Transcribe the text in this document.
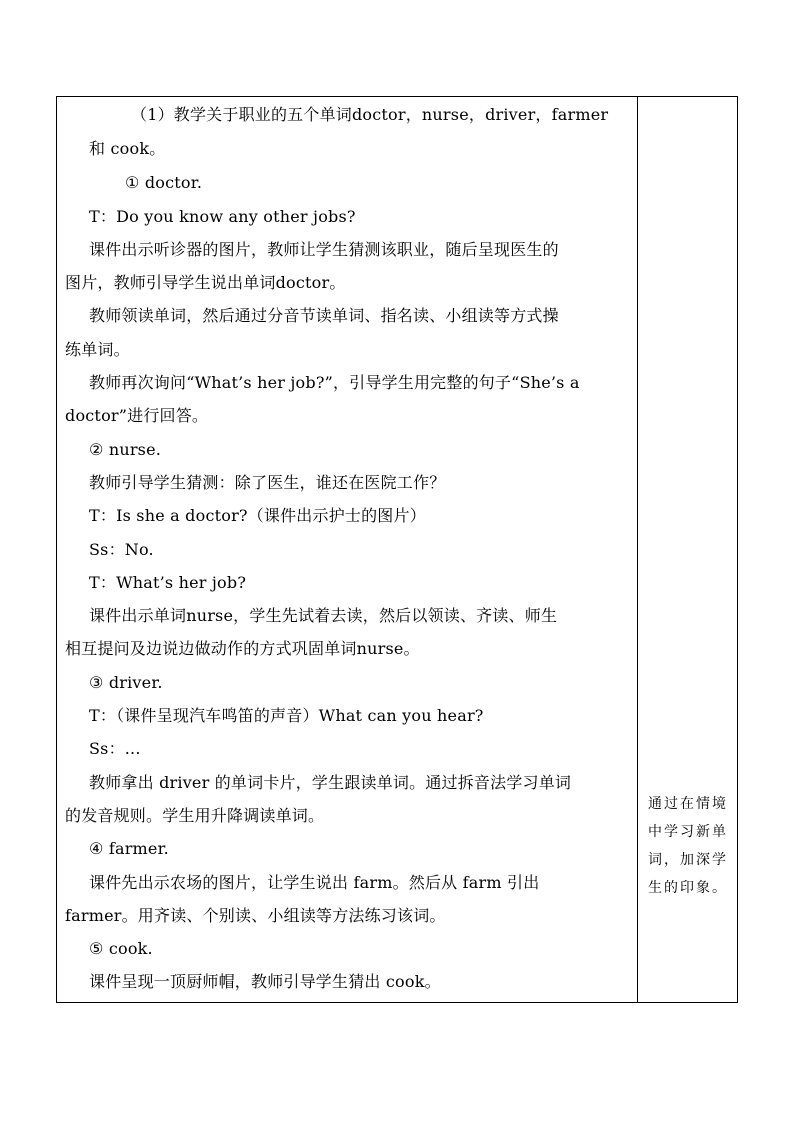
（1）教学关于职业的五个单词doctor，nurse，driver，farmer
和 cook。
① doctor.
T：Do you know any other jobs?
课件出示听诊器的图片，教师让学生猜测该职业，随后呈现医生的
图片，教师引导学生说出单词doctor。
教师领读单词，然后通过分音节读单词、指名读、小组读等方式操
练单词。
教师再次询问“What’s her job?”，引导学生用完整的句子“She’s a
doctor”进行回答。
② nurse.
教师引导学生猜测：除了医生，谁还在医院工作？
T：Is she a doctor?（课件出示护士的图片）
Ss：No.
T：What’s her job?
课件出示单词nurse，学生先试着去读，然后以领读、齐读、师生
相互提问及边说边做动作的方式巩固单词nurse。
③ driver.
T：（课件呈现汽车鸣笛的声音）What can you hear?
Ss：...
教师拿出 driver 的单词卡片，学生跟读单词。通过拆音法学习单词
的发音规则。学生用升降调读单词。
④ farmer.
课件先出示农场的图片，让学生说出 farm。然后从 farm 引出
farmer。用齐读、个别读、小组读等方法练习该词。
⑤ cook.
课件呈现一顶厨师帽，教师引导学生猜出 cook。
通过在情境
中学习新单
词，加深学
生的印象。
